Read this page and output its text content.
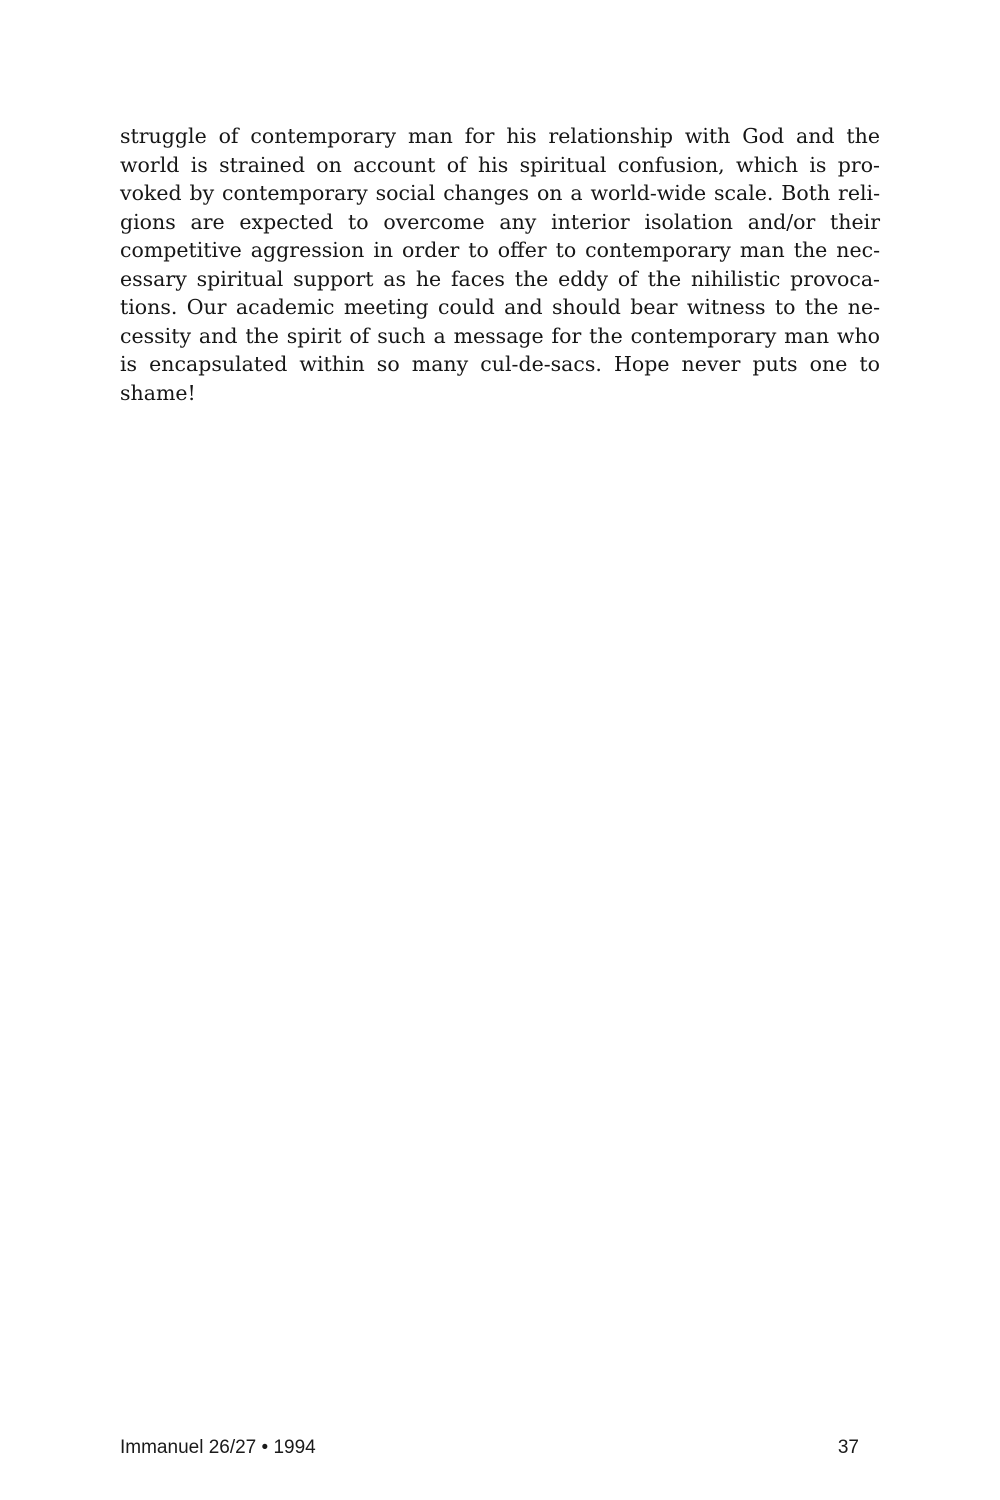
struggle of contemporary man for his relationship with God and the
world is strained on account of his spiritual confusion, which is pro-
voked by contemporary social changes on a world-wide scale. Both reli-
gions are expected to overcome any interior isolation and/or their
competitive aggression in order to offer to contemporary man the nec-
essary spiritual support as he faces the eddy of the nihilistic provoca-
tions. Our academic meeting could and should bear witness to the ne-
cessity and the spirit of such a message for the contemporary man who
is encapsulated within so many cul-de-sacs. Hope never puts one to
shame!
Immanuel 26/27 • 1994	37
